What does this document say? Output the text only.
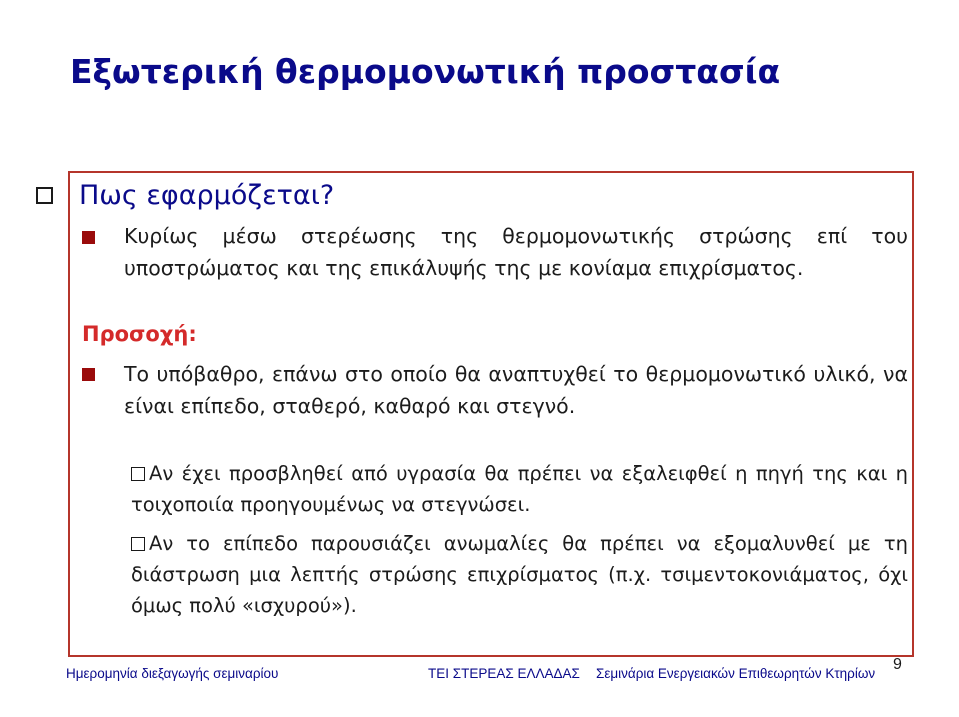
Εξωτερική θερμομονωτική προστασία
Πως εφαρμόζεται?
Κυρίως μέσω στερέωσης της θερμομονωτικής στρώσης επί του υποστρώματος και της επικάλυψής της με κονίαμα επιχρίσματος.
Προσοχή:
Το υπόβαθρο, επάνω στο οποίο θα αναπτυχθεί το θερμομονωτικό υλικό, να είναι επίπεδο, σταθερό, καθαρό και στεγνό.
Αν έχει προσβληθεί από υγρασία θα πρέπει να εξαλειφθεί η πηγή της και η τοιχοποιία προηγουμένως να στεγνώσει.
Αν το επίπεδο παρουσιάζει ανωμαλίες θα πρέπει να εξομαλυνθεί με τη διάστρωση μια λεπτής στρώσης επιχρίσματος (π.χ. τσιμεντοκονιάματος, όχι όμως πολύ «ισχυρού»).
Ημερομηνία διεξαγωγής σεμιναρίου	ΤΕΙ ΣΤΕΡΕΑΣ ΕΛΛΑΔΑΣ Σεμινάρια Ενεργειακών Επιθεωρητών Κτηρίων
9
